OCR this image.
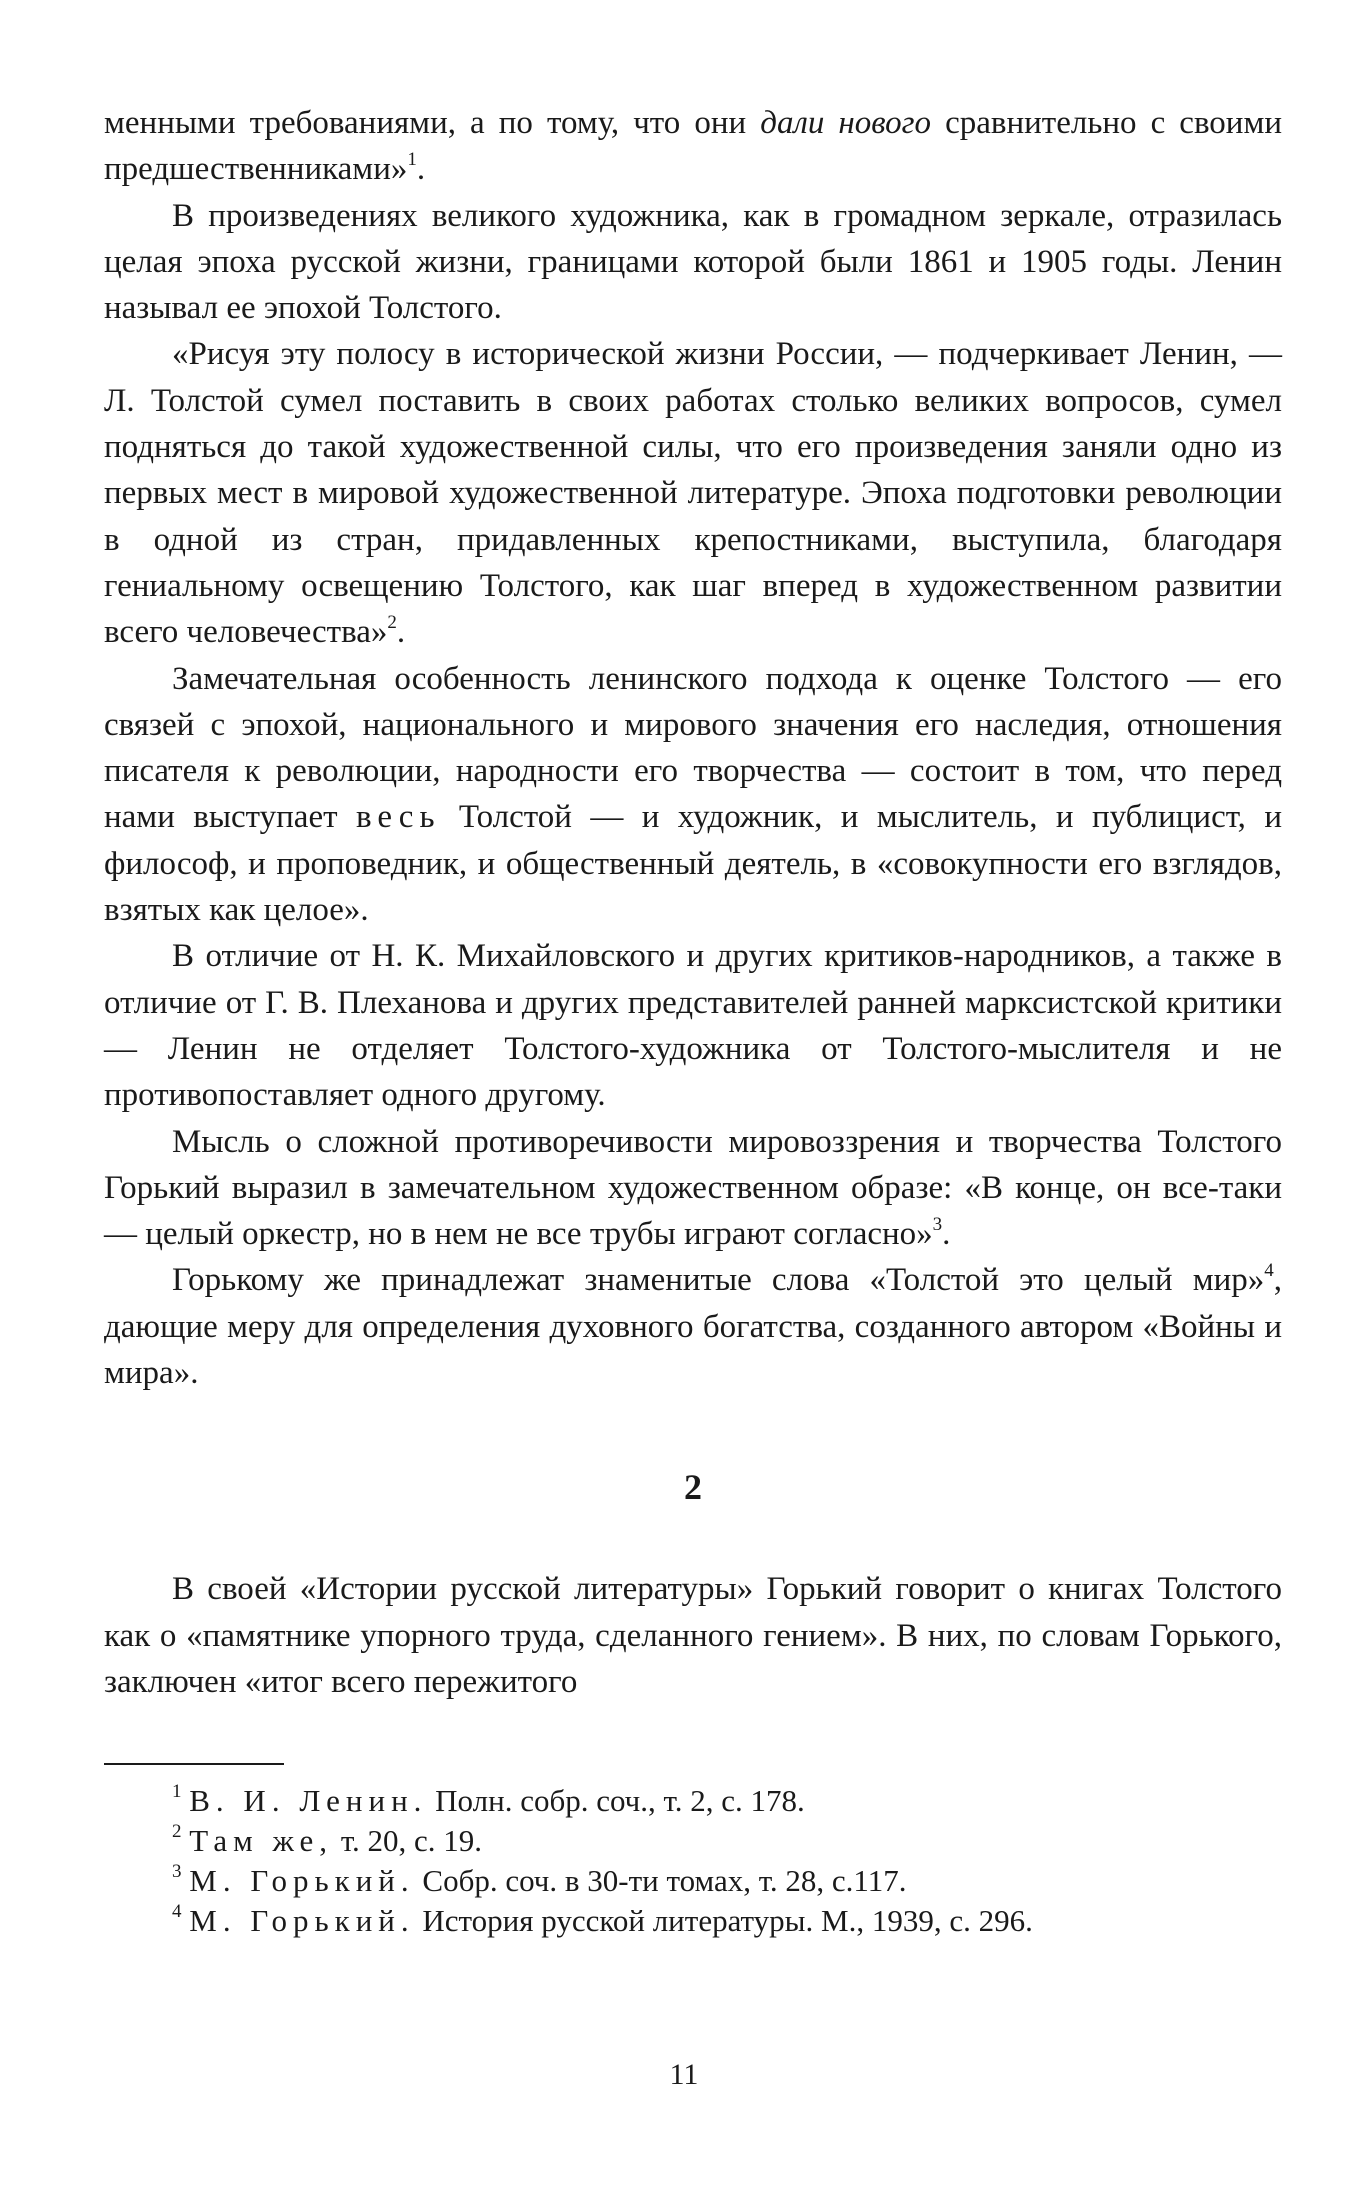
менными требованиями, а по тому, что они дали нового сравнительно с своими предшественниками»$^1$.

В произведениях великого художника, как в громадном зеркале, отразилась целая эпоха русской жизни, границами которой были 1861 и 1905 годы. Ленин называл ее эпохой Толстого.

«Рисуя эту полосу в исторической жизни России, — подчеркивает Ленин, — Л. Толстой сумел поставить в своих работах столько великих вопросов, сумел подняться до такой художественной силы, что его произведения заняли одно из первых мест в мировой художественной литературе. Эпоха подготовки революции в одной из стран, придавленных крепостниками, выступила, благодаря гениальному освещению Толстого, как шаг вперед в художественном развитии всего человечества»$^2$.

Замечательная особенность ленинского подхода к оценке Толстого — его связей с эпохой, национального и мирового значения его наследия, отношения писателя к революции, народности его творчества — состоит в том, что перед нами выступает весь Толстой — и художник, и мыслитель, и публицист, и философ, и проповедник, и общественный деятель, в «совокупности его взглядов, взятых как целое».

В отличие от Н. К. Михайловского и других критиков-народников, а также в отличие от Г. В. Плеханова и других представителей ранней марксистской критики — Ленин не отделяет Толстого-художника от Толстого-мыслителя и не противопоставляет одного другому.

Мысль о сложной противоречивости мировоззрения и творчества Толстого Горький выразил в замечательном художественном образе: «В конце, он все-таки — целый оркестр, но в нем не все трубы играют согласно»$^3$.

Горькому же принадлежат знаменитые слова «Толстой это целый мир»$^4$, дающие меру для определения духовного богатства, созданного автором «Войны и мира».

2

В своей «Истории русской литературы» Горький говорит о книгах Толстого как о «памятнике упорного труда, сделанного гением». В них, по словам Горького, заключен «итог всего пережитого

$^1$ В. И. Ленин. Полн. собр. соч., т. 2, с. 178.

$^2$ Там же, т. 20, с. 19.

$^3$ М. Горький. Собр. соч. в 30-ти томах, т. 28, с.117.

$^4$ М. Горький. История русской литературы. М., 1939, с. 296.

11
